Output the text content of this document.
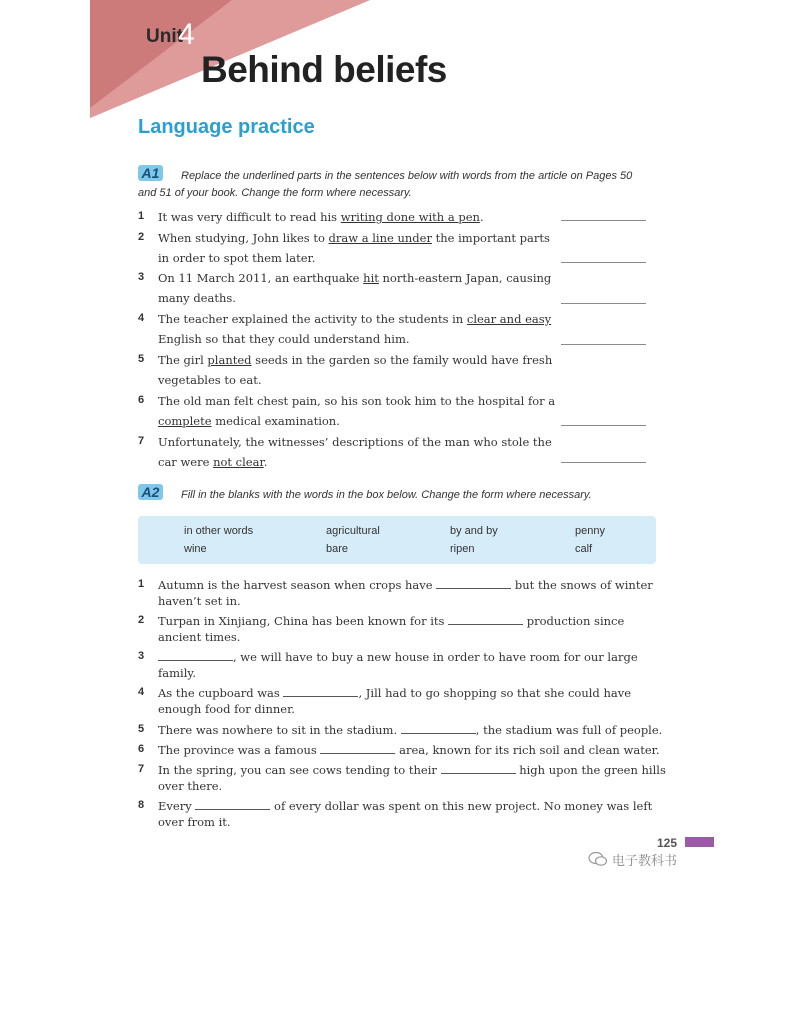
Unit
4
Behind beliefs
Language practice
A1	Replace the underlined parts in the sentences below with words from the article on Pages 50
and 51 of your book. Change the form where necessary.
1 It was very difficult to read his writing done with a pen.
2 When studying, John likes to draw a line under the important parts
in order to spot them later.
3 On 11 March 2011, an earthquake hit north-eastern Japan, causing
many deaths.
4 The teacher explained the activity to the students in clear and easy
English so that they could understand him.
5 The girl planted seeds in the garden so the family would have fresh
vegetables to eat.
6 The old man felt chest pain, so his son took him to the hospital for a
complete medical examination.
7 Unfortunately, the witnesses’ descriptions of the man who stole the
car were not clear.
A2	Fill in the blanks with the words in the box below. Change the form where necessary.
in other words	agricultural	by and by	penny
wine	bare	ripen	calf
1 Autumn is the harvest season when crops have	but the snows of winter
haven’t set in.
2 Turpan in Xinjiang, China has been known for its	production since
ancient times.
3	, we will have to buy a new house in order to have room for our large
family.
4 As the cupboard was	, Jill had to go shopping so that she could have
enough food for dinner.
5 There was nowhere to sit in the stadium.	, the stadium was full of people.
6 The province was a famous	area, known for its rich soil and clean water.
7 In the spring, you can see cows tending to their	high upon the green hills
over there.
8 Every	of every dollar was spent on this new project. No money was left
over from it.
125
电子教科书
